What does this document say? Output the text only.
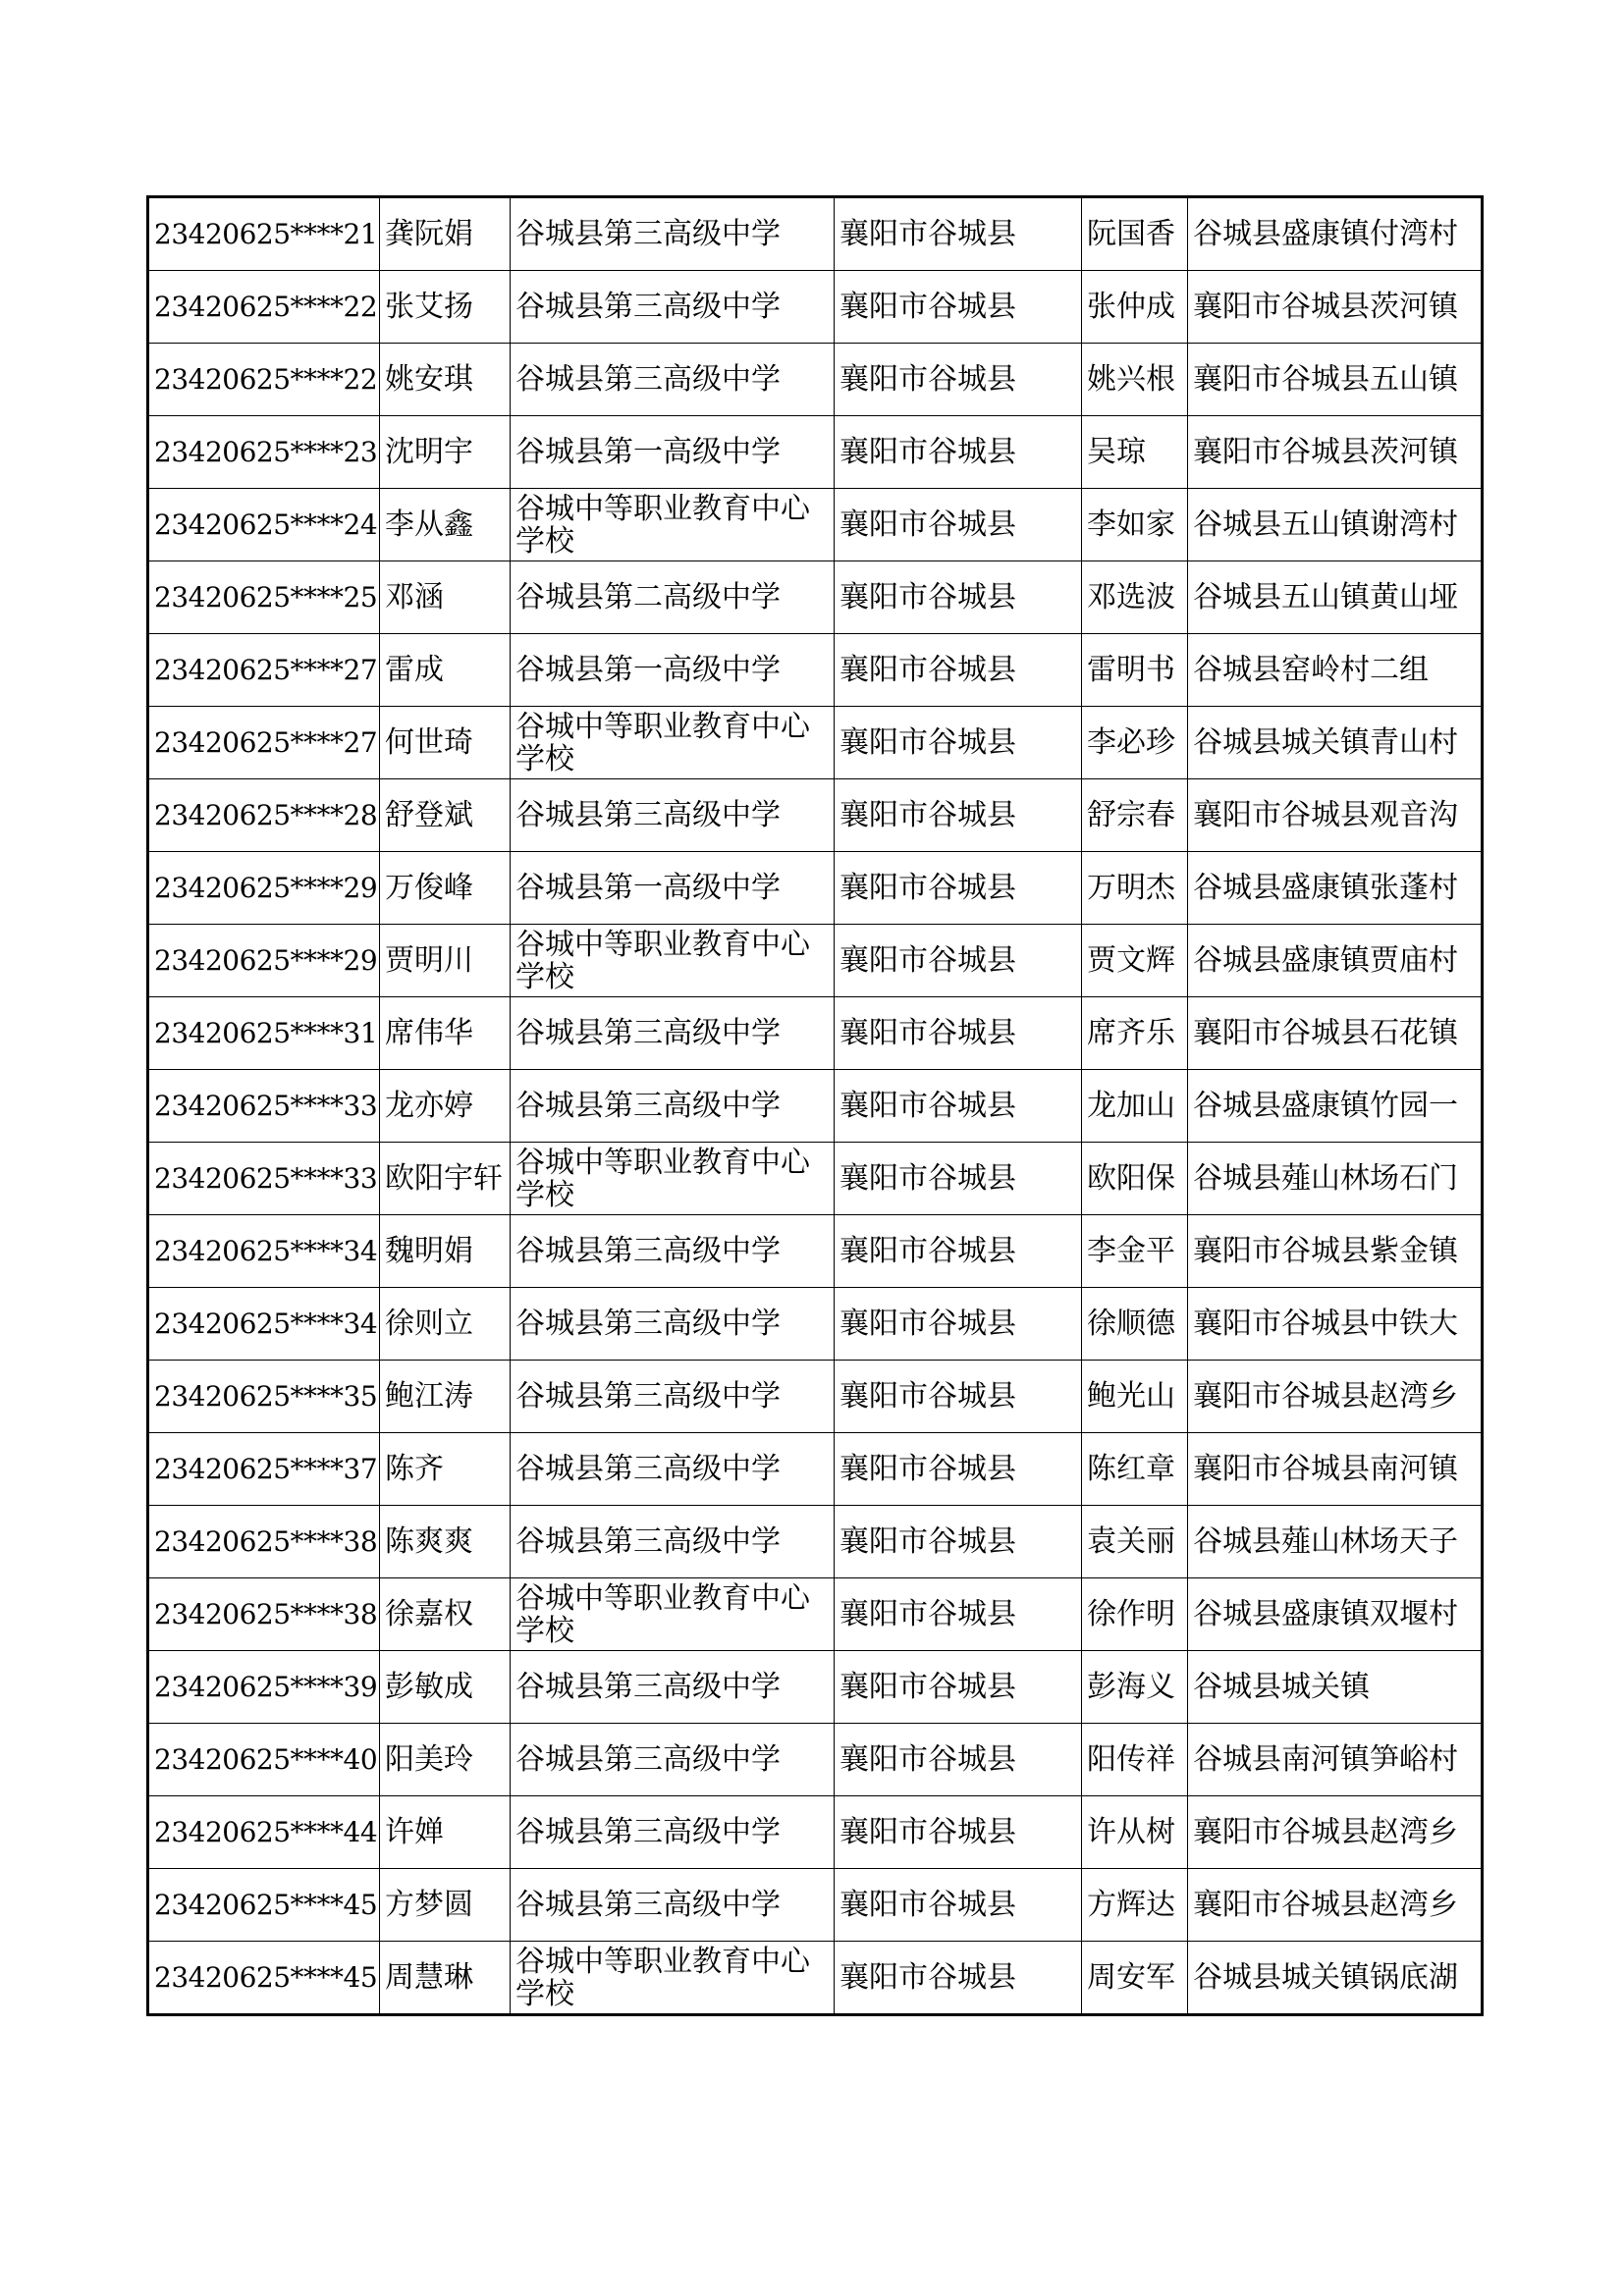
23420625****21	龚阮娟	谷城县第三高级中学	襄阳市谷城县	阮国香	谷城县盛康镇付湾村
23420625****22	张艾扬	谷城县第三高级中学	襄阳市谷城县	张仲成	襄阳市谷城县茨河镇
23420625****22	姚安琪	谷城县第三高级中学	襄阳市谷城县	姚兴根	襄阳市谷城县五山镇
23420625****23	沈明宇	谷城县第一高级中学	襄阳市谷城县	吴琼	襄阳市谷城县茨河镇
23420625****24	李从鑫	谷城中等职业教育中心学校	襄阳市谷城县	李如家	谷城县五山镇谢湾村
23420625****25	邓涵	谷城县第二高级中学	襄阳市谷城县	邓选波	谷城县五山镇黄山垭
23420625****27	雷成	谷城县第一高级中学	襄阳市谷城县	雷明书	谷城县窑岭村二组
23420625****27	何世琦	谷城中等职业教育中心学校	襄阳市谷城县	李必珍	谷城县城关镇青山村
23420625****28	舒登斌	谷城县第三高级中学	襄阳市谷城县	舒宗春	襄阳市谷城县观音沟
23420625****29	万俊峰	谷城县第一高级中学	襄阳市谷城县	万明杰	谷城县盛康镇张蓬村
23420625****29	贾明川	谷城中等职业教育中心学校	襄阳市谷城县	贾文辉	谷城县盛康镇贾庙村
23420625****31	席伟华	谷城县第三高级中学	襄阳市谷城县	席齐乐	襄阳市谷城县石花镇
23420625****33	龙亦婷	谷城县第三高级中学	襄阳市谷城县	龙加山	谷城县盛康镇竹园一
23420625****33	欧阳宇轩	谷城中等职业教育中心学校	襄阳市谷城县	欧阳保	谷城县薤山林场石门
23420625****34	魏明娟	谷城县第三高级中学	襄阳市谷城县	李金平	襄阳市谷城县紫金镇
23420625****34	徐则立	谷城县第三高级中学	襄阳市谷城县	徐顺德	襄阳市谷城县中铁大
23420625****35	鲍江涛	谷城县第三高级中学	襄阳市谷城县	鲍光山	襄阳市谷城县赵湾乡
23420625****37	陈齐	谷城县第三高级中学	襄阳市谷城县	陈红章	襄阳市谷城县南河镇
23420625****38	陈爽爽	谷城县第三高级中学	襄阳市谷城县	袁关丽	谷城县薤山林场天子
23420625****38	徐嘉权	谷城中等职业教育中心学校	襄阳市谷城县	徐作明	谷城县盛康镇双堰村
23420625****39	彭敏成	谷城县第三高级中学	襄阳市谷城县	彭海义	谷城县城关镇
23420625****40	阳美玲	谷城县第三高级中学	襄阳市谷城县	阳传祥	谷城县南河镇笋峪村
23420625****44	许婵	谷城县第三高级中学	襄阳市谷城县	许从树	襄阳市谷城县赵湾乡
23420625****45	方梦圆	谷城县第三高级中学	襄阳市谷城县	方辉达	襄阳市谷城县赵湾乡
23420625****45	周慧琳	谷城中等职业教育中心学校	襄阳市谷城县	周安军	谷城县城关镇锅底湖
